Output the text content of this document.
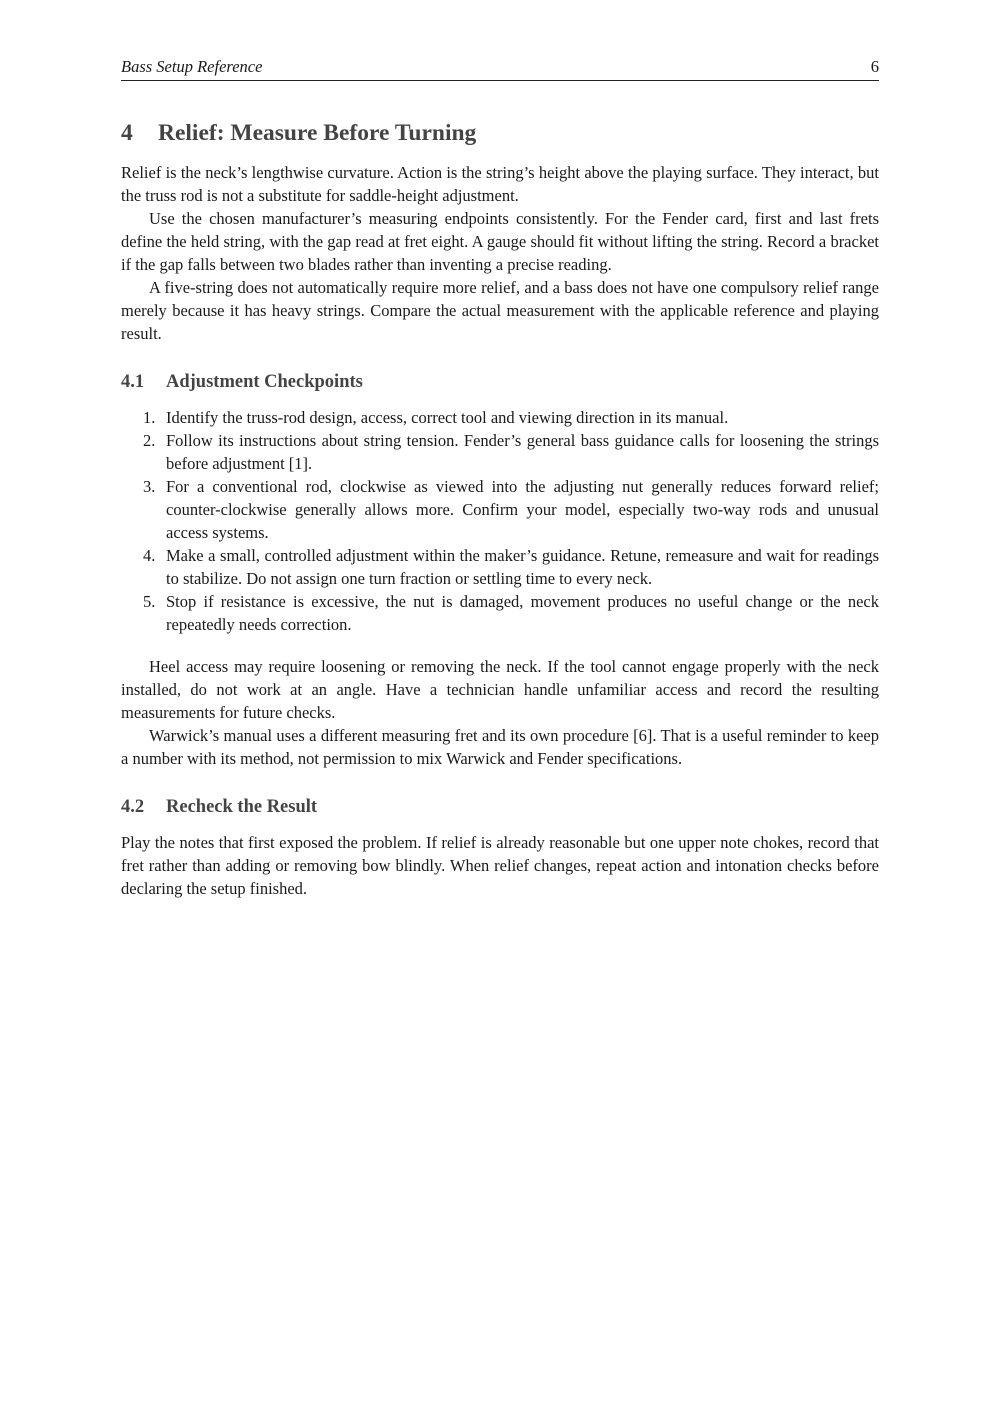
Bass Setup Reference	6
4 Relief: Measure Before Turning

Relief is the neck’s lengthwise curvature. Action is the string’s height above the playing surface. They interact, but the truss rod is not a substitute for saddle-height adjustment.

Use the chosen manufacturer’s measuring endpoints consistently. For the Fender card, first and last frets define the held string, with the gap read at fret eight. A gauge should fit without lifting the string. Record a bracket if the gap falls between two blades rather than inventing a precise reading.

A five-string does not automatically require more relief, and a bass does not have one compulsory relief range merely because it has heavy strings. Compare the actual measurement with the applicable reference and playing result.

4.1 Adjustment Checkpoints
1. Identify the truss-rod design, access, correct tool and viewing direction in its manual.
2. Follow its instructions about string tension. Fender’s general bass guidance calls for loosening the strings before adjustment [1].
3. For a conventional rod, clockwise as viewed into the adjusting nut generally reduces forward relief; counter-clockwise generally allows more. Confirm your model, especially two-way rods and unusual access systems.
4. Make a small, controlled adjustment within the maker’s guidance. Retune, remeasure and wait for readings to stabilize. Do not assign one turn fraction or settling time to every neck.
5. Stop if resistance is excessive, the nut is damaged, movement produces no useful change or the neck repeatedly needs correction.

Heel access may require loosening or removing the neck. If the tool cannot engage properly with the neck installed, do not work at an angle. Have a technician handle unfamiliar access and record the resulting measurements for future checks.

Warwick’s manual uses a different measuring fret and its own procedure [6]. That is a useful reminder to keep a number with its method, not permission to mix Warwick and Fender specifications.

4.2 Recheck the Result

Play the notes that first exposed the problem. If relief is already reasonable but one upper note chokes, record that fret rather than adding or removing bow blindly. When relief changes, repeat action and intonation checks before declaring the setup finished.
